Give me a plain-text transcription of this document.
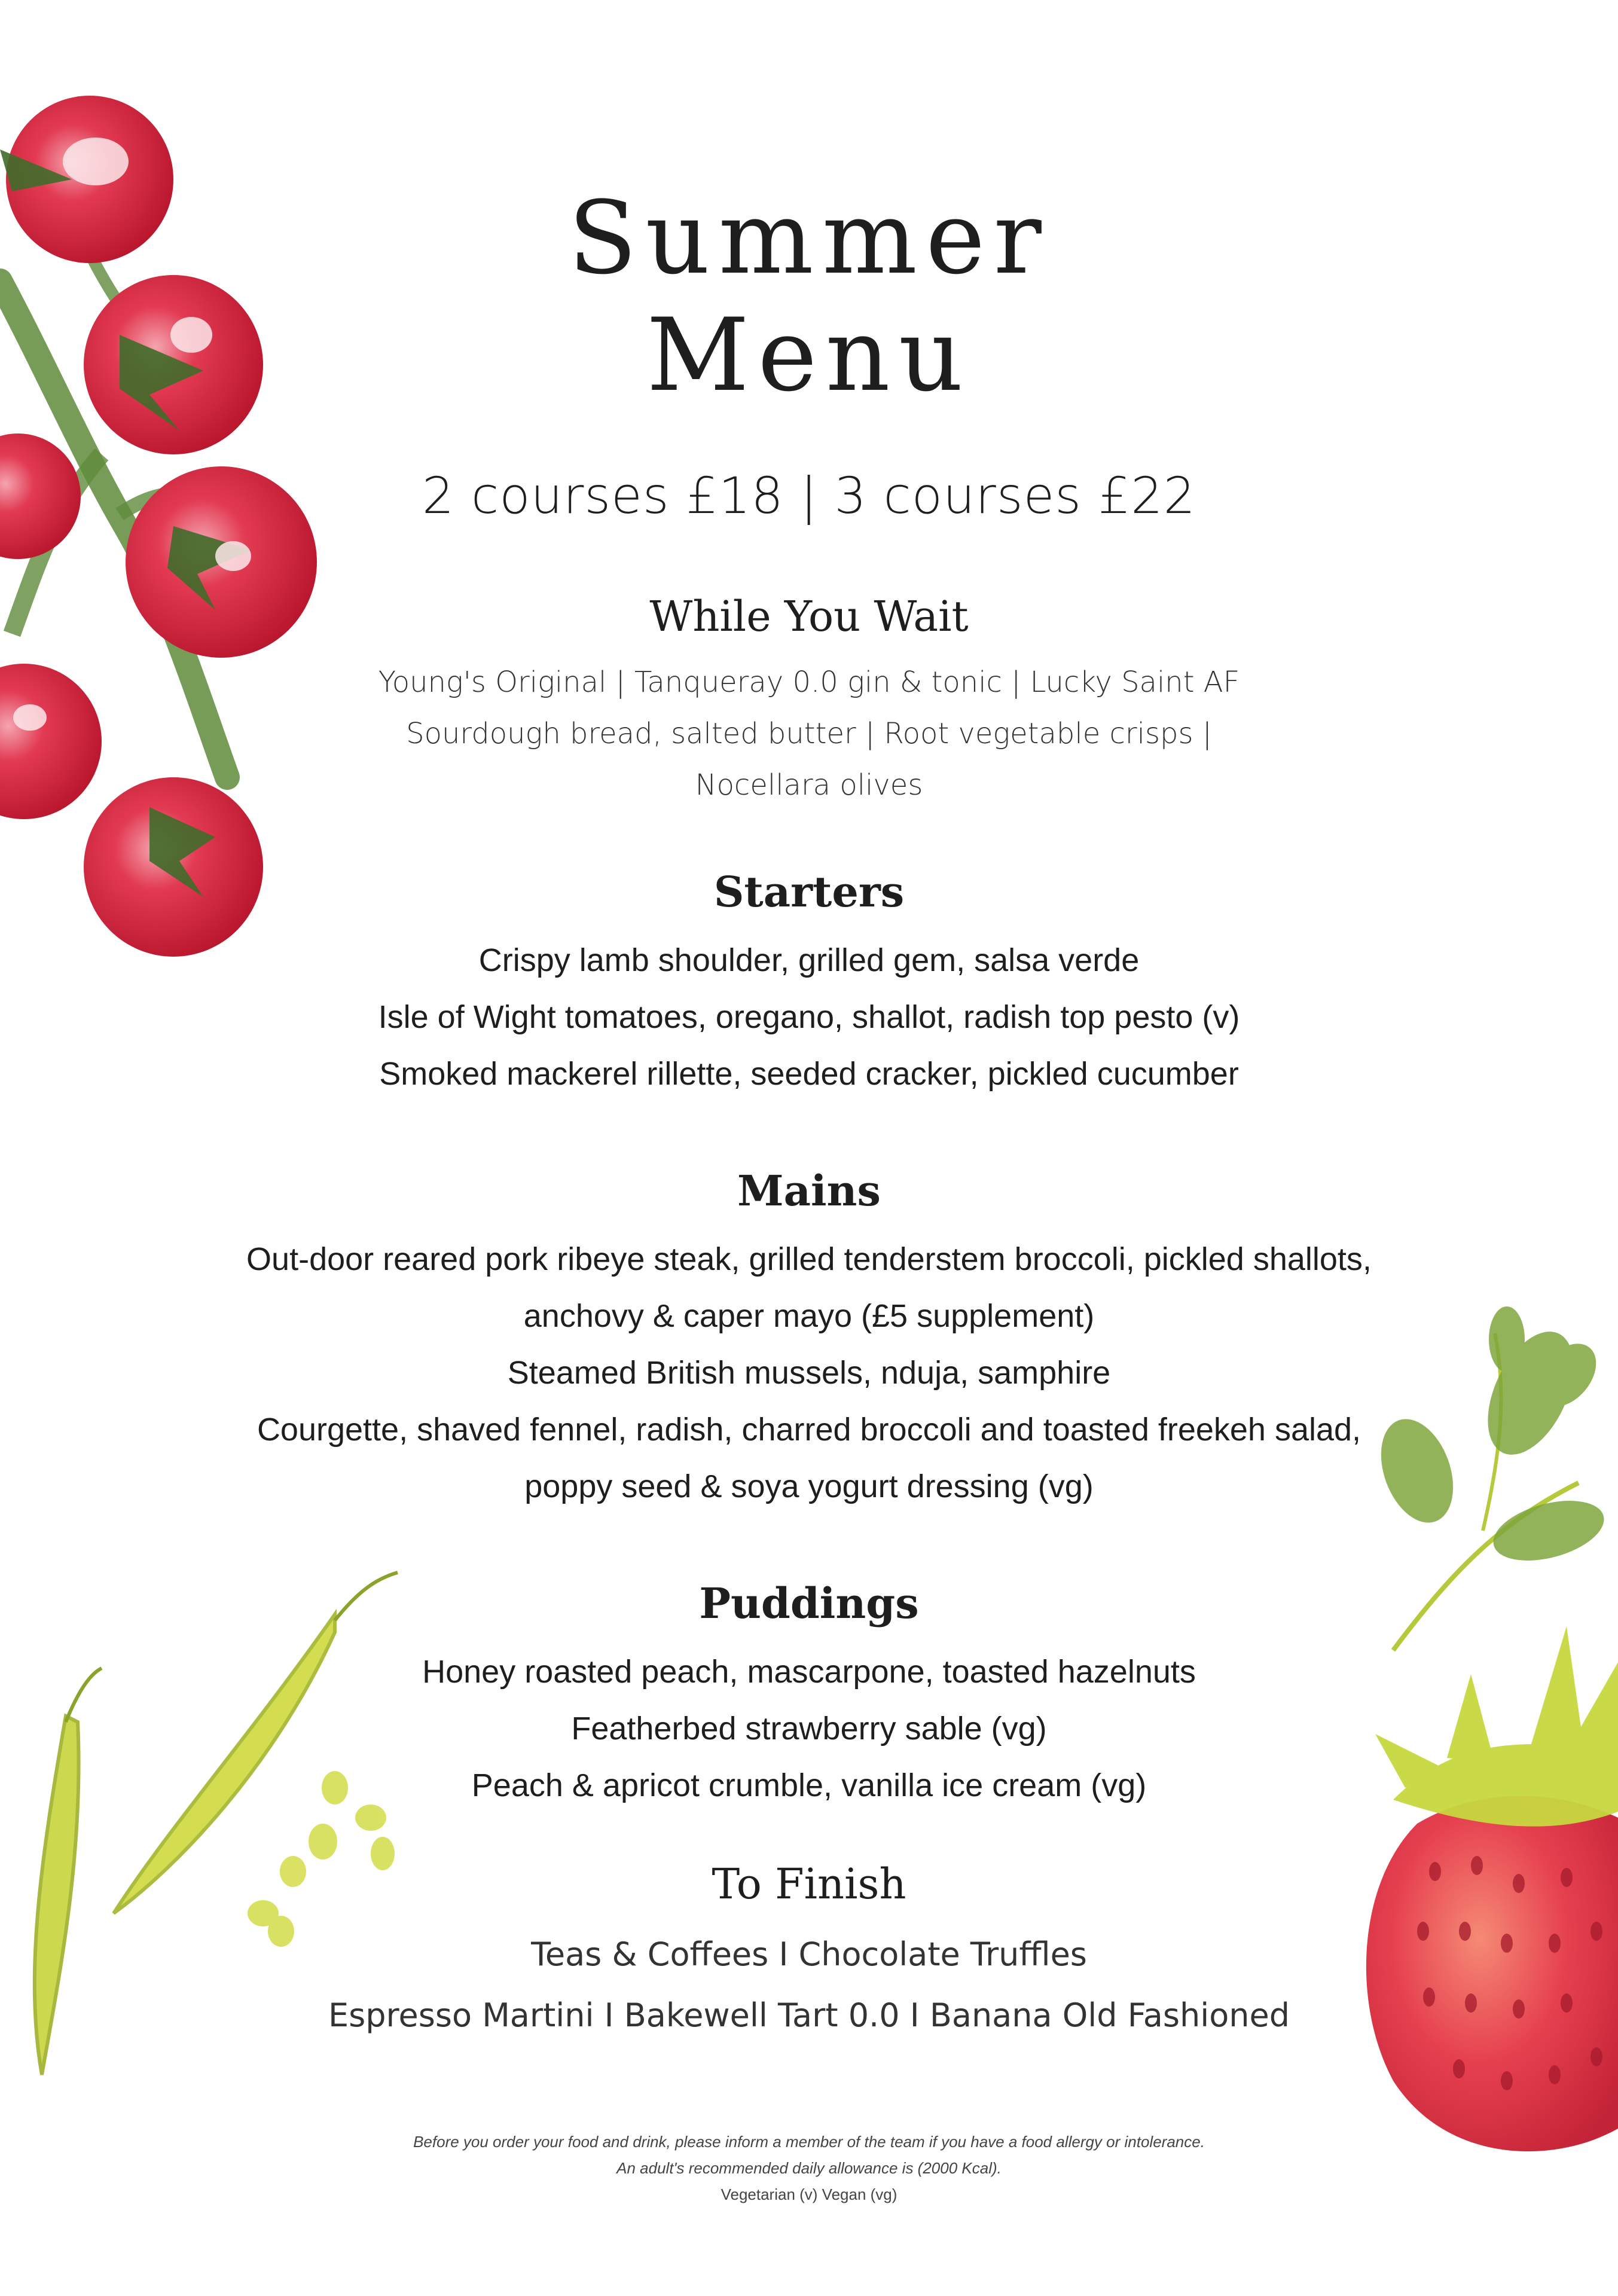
Summer
Menu
2 courses £18 | 3 courses £22
While You Wait
Young's Original | Tanqueray 0.0 gin & tonic | Lucky Saint AF
Sourdough bread, salted butter | Root vegetable crisps |
Nocellara olives
Starters
Crispy lamb shoulder, grilled gem, salsa verde
Isle of Wight tomatoes, oregano, shallot, radish top pesto (v)
Smoked mackerel rillette, seeded cracker, pickled cucumber
Mains
Out-door reared pork ribeye steak, grilled tenderstem broccoli, pickled shallots,
anchovy & caper mayo (£5 supplement)
Steamed British mussels, nduja, samphire
Courgette, shaved fennel, radish, charred broccoli and toasted freekeh salad,
poppy seed & soya yogurt dressing (vg)
Puddings
Honey roasted peach, mascarpone, toasted hazelnuts
Featherbed strawberry sable (vg)
Peach & apricot crumble, vanilla ice cream (vg)
To Finish
Teas & Coffees I Chocolate Truffles
Espresso Martini I Bakewell Tart 0.0 I Banana Old Fashioned
Before you order your food and drink, please inform a member of the team if you have a food allergy or intolerance.
An adult's recommended daily allowance is (2000 Kcal).
Vegetarian (v) Vegan (vg)
